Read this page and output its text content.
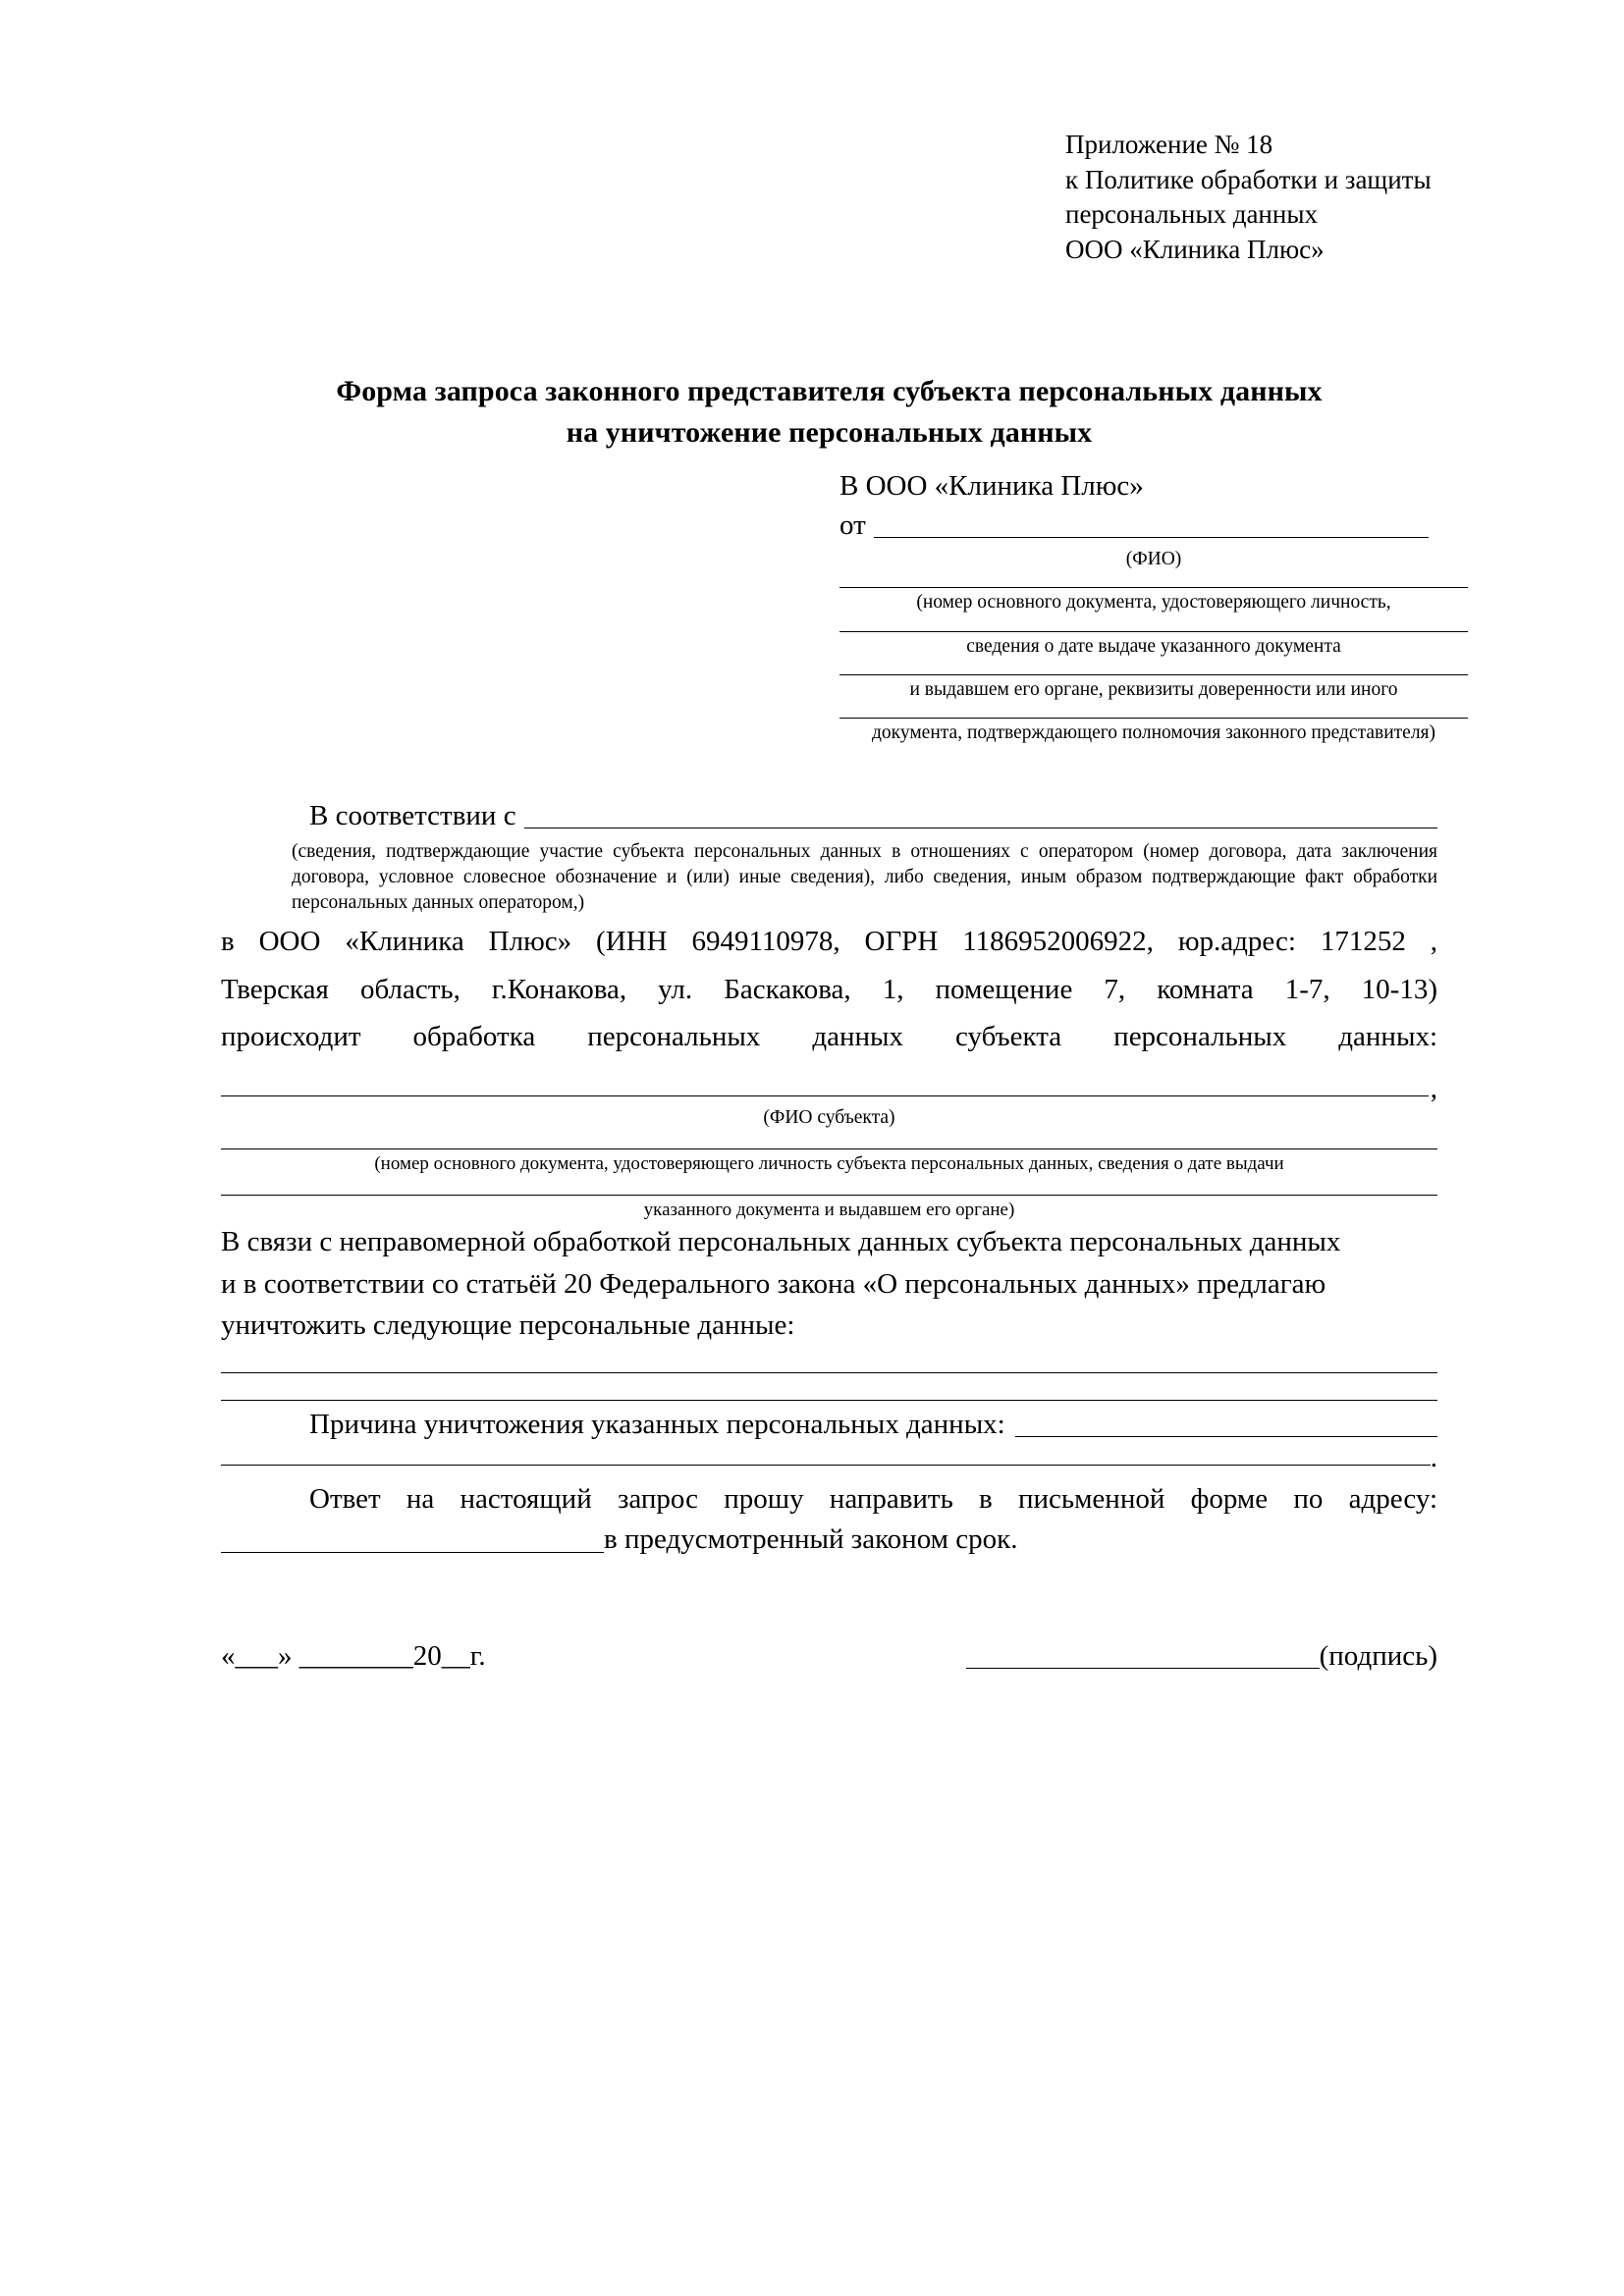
Приложение № 18
к Политике обработки и защиты
персональных данных
ООО «Клиника Плюс»
Форма запроса законного представителя субъекта персональных данных
на уничтожение персональных данных
В ООО «Клиника Плюс»
от
(ФИО)
(номер основного документа, удостоверяющего личность,
сведения о дате выдаче указанного документа
и выдавшем его органе, реквизиты доверенности или иного
документа, подтверждающего полномочия законного представителя)
В соответствии с
(сведения, подтверждающие участие субъекта персональных данных в отношениях с оператором (номер договора, дата заключения договора, условное словесное обозначение и (или) иные сведения), либо сведения, иным образом подтверждающие факт обработки персональных данных оператором,)
в ООО «Клиника Плюс» (ИНН 6949110978, ОГРН 1186952006922, юр.адрес: 171252 ,
Тверская область, г.Конакова, ул. Баскакова, 1, помещение 7, комната 1-7, 10-13)
происходит обработка персональных данных субъекта персональных данных:
,
(ФИО субъекта)
(номер основного документа, удостоверяющего личность субъекта персональных данных, сведения о дате выдачи
указанного документа и выдавшем его органе)
В связи с неправомерной обработкой персональных данных субъекта персональных данных
и в соответствии со статьёй 20 Федерального закона «О персональных данных» предлагаю
уничтожить следующие персональные данные:
Причина уничтожения указанных персональных данных:
.
Ответ на настоящий запрос прошу направить в письменной форме по адресу:
в предусмотренный законом срок.
«___» ________20__г.	(подпись)
